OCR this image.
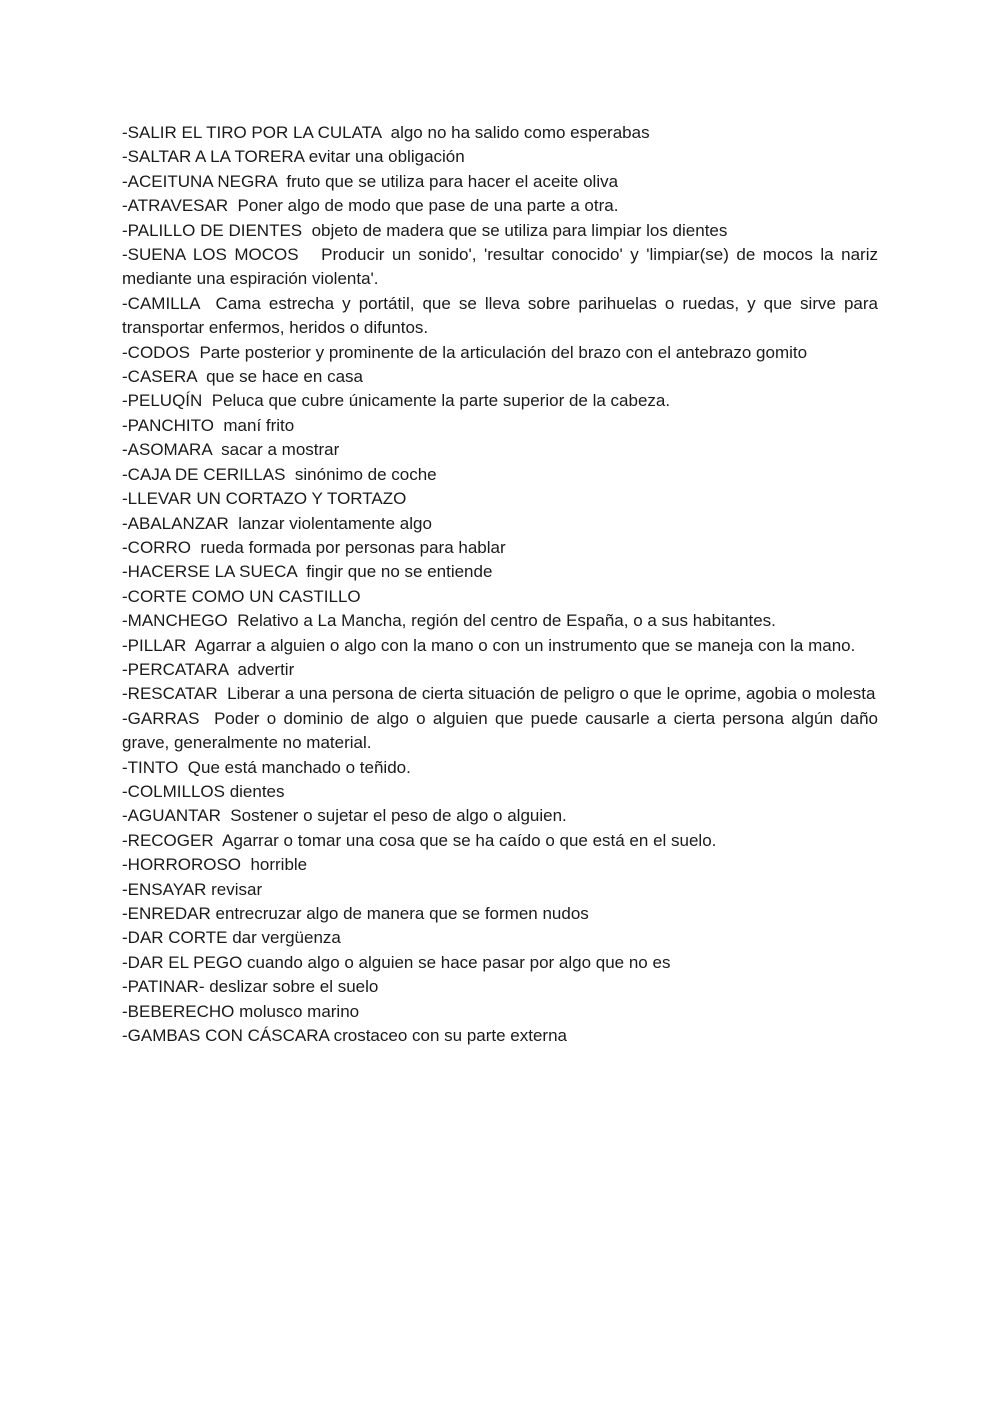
-SALIR EL TIRO POR LA CULATA  algo no ha salido como esperabas

-SALTAR A LA TORERA evitar una obligación

-ACEITUNA NEGRA  fruto que se utiliza para hacer el aceite oliva

-ATRAVESAR  Poner algo de modo que pase de una parte a otra.

-PALILLO DE DIENTES  objeto de madera que se utiliza para limpiar los dientes

-SUENA LOS MOCOS   Producir un sonido', 'resultar conocido' y 'limpiar(se) de mocos la nariz mediante una espiración violenta'.

-CAMILLA  Cama estrecha y portátil, que se lleva sobre parihuelas o ruedas, y que sirve para transportar enfermos, heridos o difuntos.

-CODOS  Parte posterior y prominente de la articulación del brazo con el antebrazo gomito

-CASERA  que se hace en casa

-PELUQÍN  Peluca que cubre únicamente la parte superior de la cabeza.

-PANCHITO  maní frito

-ASOMARA  sacar a mostrar

-CAJA DE CERILLAS  sinónimo de coche

-LLEVAR UN CORTAZO Y TORTAZO

-ABALANZAR  lanzar violentamente algo

-CORRO  rueda formada por personas para hablar

-HACERSE LA SUECA  fingir que no se entiende

-CORTE COMO UN CASTILLO

-MANCHEGO  Relativo a La Mancha, región del centro de España, o a sus habitantes.

-PILLAR  Agarrar a alguien o algo con la mano o con un instrumento que se maneja con la mano.

-PERCATARA  advertir

-RESCATAR  Liberar a una persona de cierta situación de peligro o que le oprime, agobia o molesta

-GARRAS  Poder o dominio de algo o alguien que puede causarle a cierta persona algún daño grave, generalmente no material.

-TINTO  Que está manchado o teñido.

-COLMILLOS dientes

-AGUANTAR  Sostener o sujetar el peso de algo o alguien.

-RECOGER  Agarrar o tomar una cosa que se ha caído o que está en el suelo.

-HORROROSO  horrible

-ENSAYAR revisar

-ENREDAR entrecruzar algo de manera que se formen nudos

-DAR CORTE dar vergüenza

-DAR EL PEGO cuando algo o alguien se hace pasar por algo que no es

-PATINAR- deslizar sobre el suelo

-BEBERECHO molusco marino

-GAMBAS CON CÁSCARA crostaceo con su parte externa
